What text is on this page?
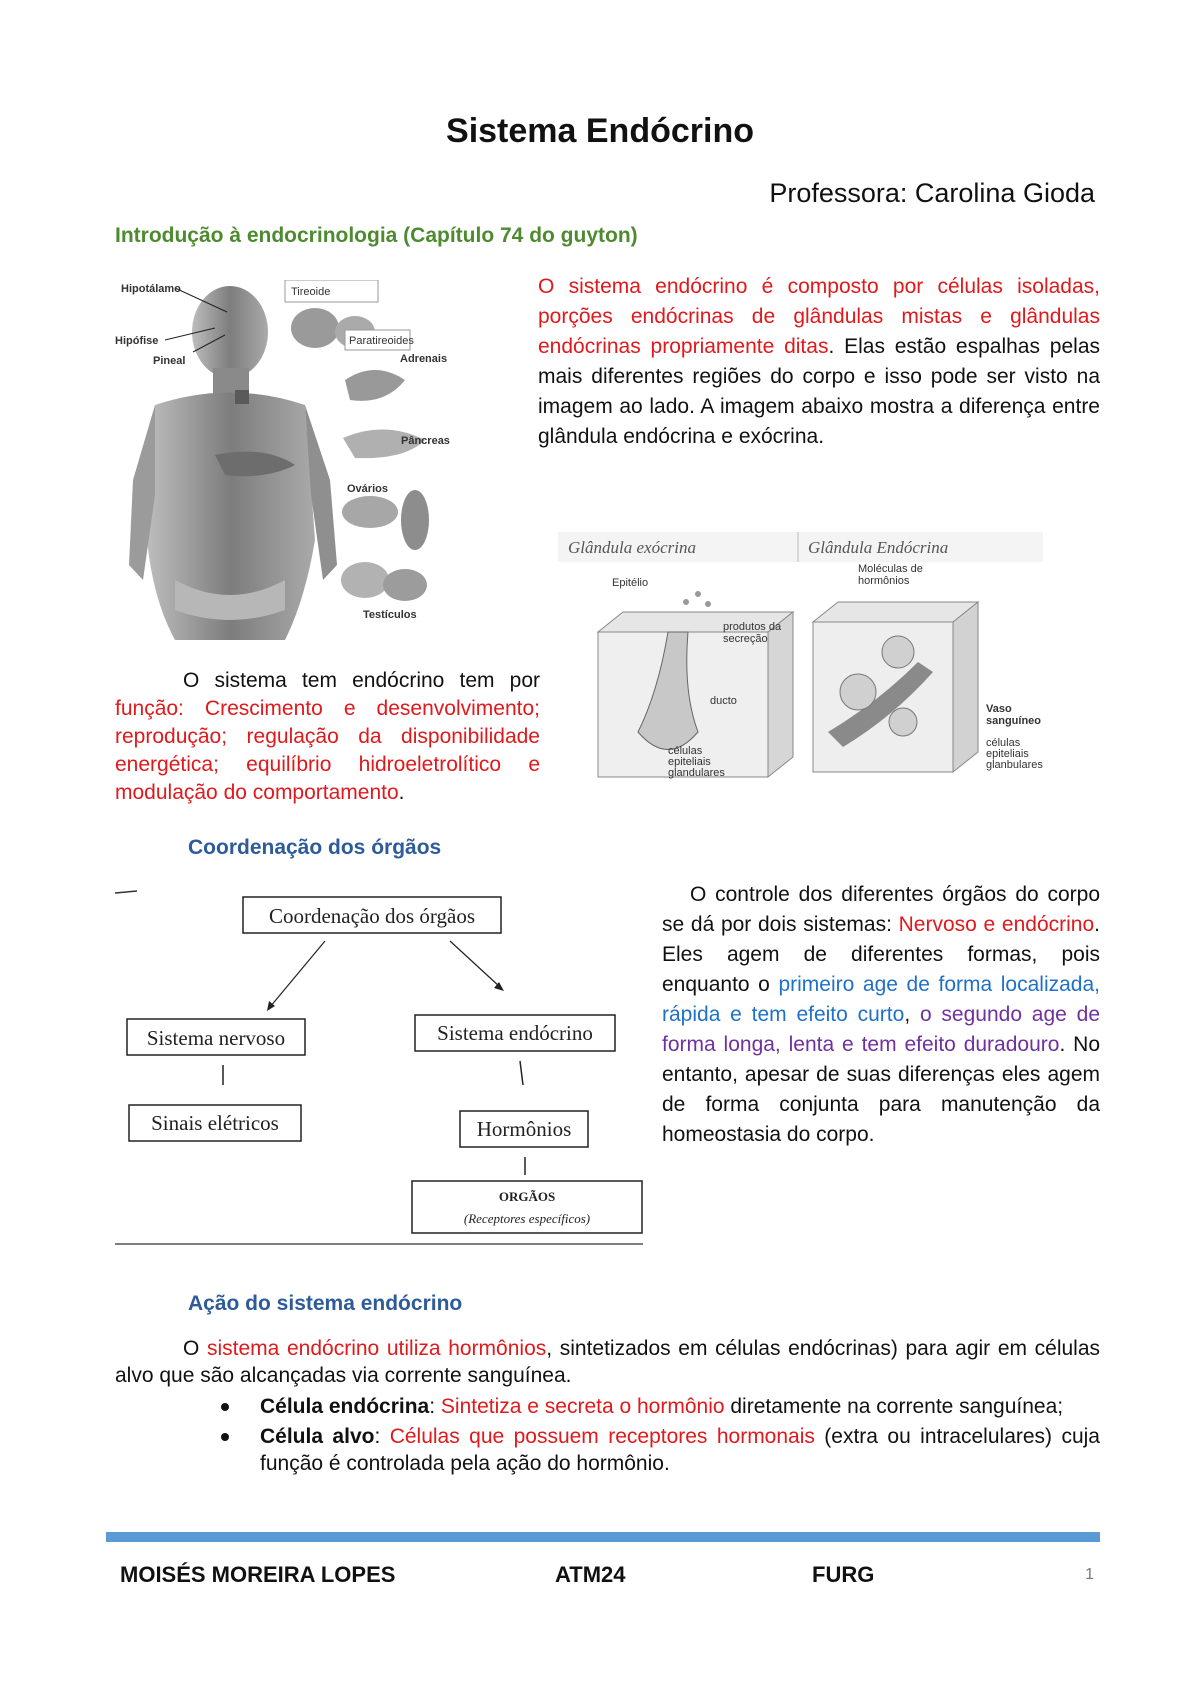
Sistema Endócrino
Professora: Carolina Gioda
Introdução à endocrinologia (Capítulo 74 do guyton)
Tireoide
Paratireoides
Adrenais
Pâncreas
Ovários
Testículos
Hipotálamo
Hipófise
Pineal

O sistema endócrino é composto por células isoladas, porções endócrinas de glândulas mistas e glândulas endócrinas propriamente ditas. Elas estão espalhas pelas mais diferentes regiões do corpo e isso pode ser visto na imagem ao lado. A imagem abaixo mostra a diferença entre glândula endócrina e exócrina.

Glândula exócrina	Glândula Endócrina
Epitélio
produtos da
secreção
ducto
células
epiteliais
glandulares
Moléculas de
hormônios
Vaso
sanguíneo
células
epiteliais
glanbulares

O sistema tem endócrino tem por função: Crescimento e desenvolvimento; reprodução; regulação da disponibilidade energética; equilíbrio hidroeletrolítico e modulação do comportamento.

Coordenação dos órgãos
Coordenação dos órgãos
Sistema nervoso	Sistema endócrino
Sinais elétricos	Hormônios
ORGÃOS
(Receptores específicos)

O controle dos diferentes órgãos do corpo se dá por dois sistemas: Nervoso e endócrino. Eles agem de diferentes formas, pois enquanto o primeiro age de forma localizada, rápida e tem efeito curto, o segundo age de forma longa, lenta e tem efeito duradouro. No entanto, apesar de suas diferenças eles agem de forma conjunta para manutenção da homeostasia do corpo.

Ação do sistema endócrino

O sistema endócrino utiliza hormônios, sintetizados em células endócrinas) para agir em células alvo que são alcançadas via corrente sanguínea.

Célula endócrina: Sintetiza e secreta o hormônio diretamente na corrente sanguínea;
Célula alvo: Células que possuem receptores hormonais (extra ou intracelulares) cuja função é controlada pela ação do hormônio.
MOISÉS MOREIRA LOPES	ATM24	FURG	1
